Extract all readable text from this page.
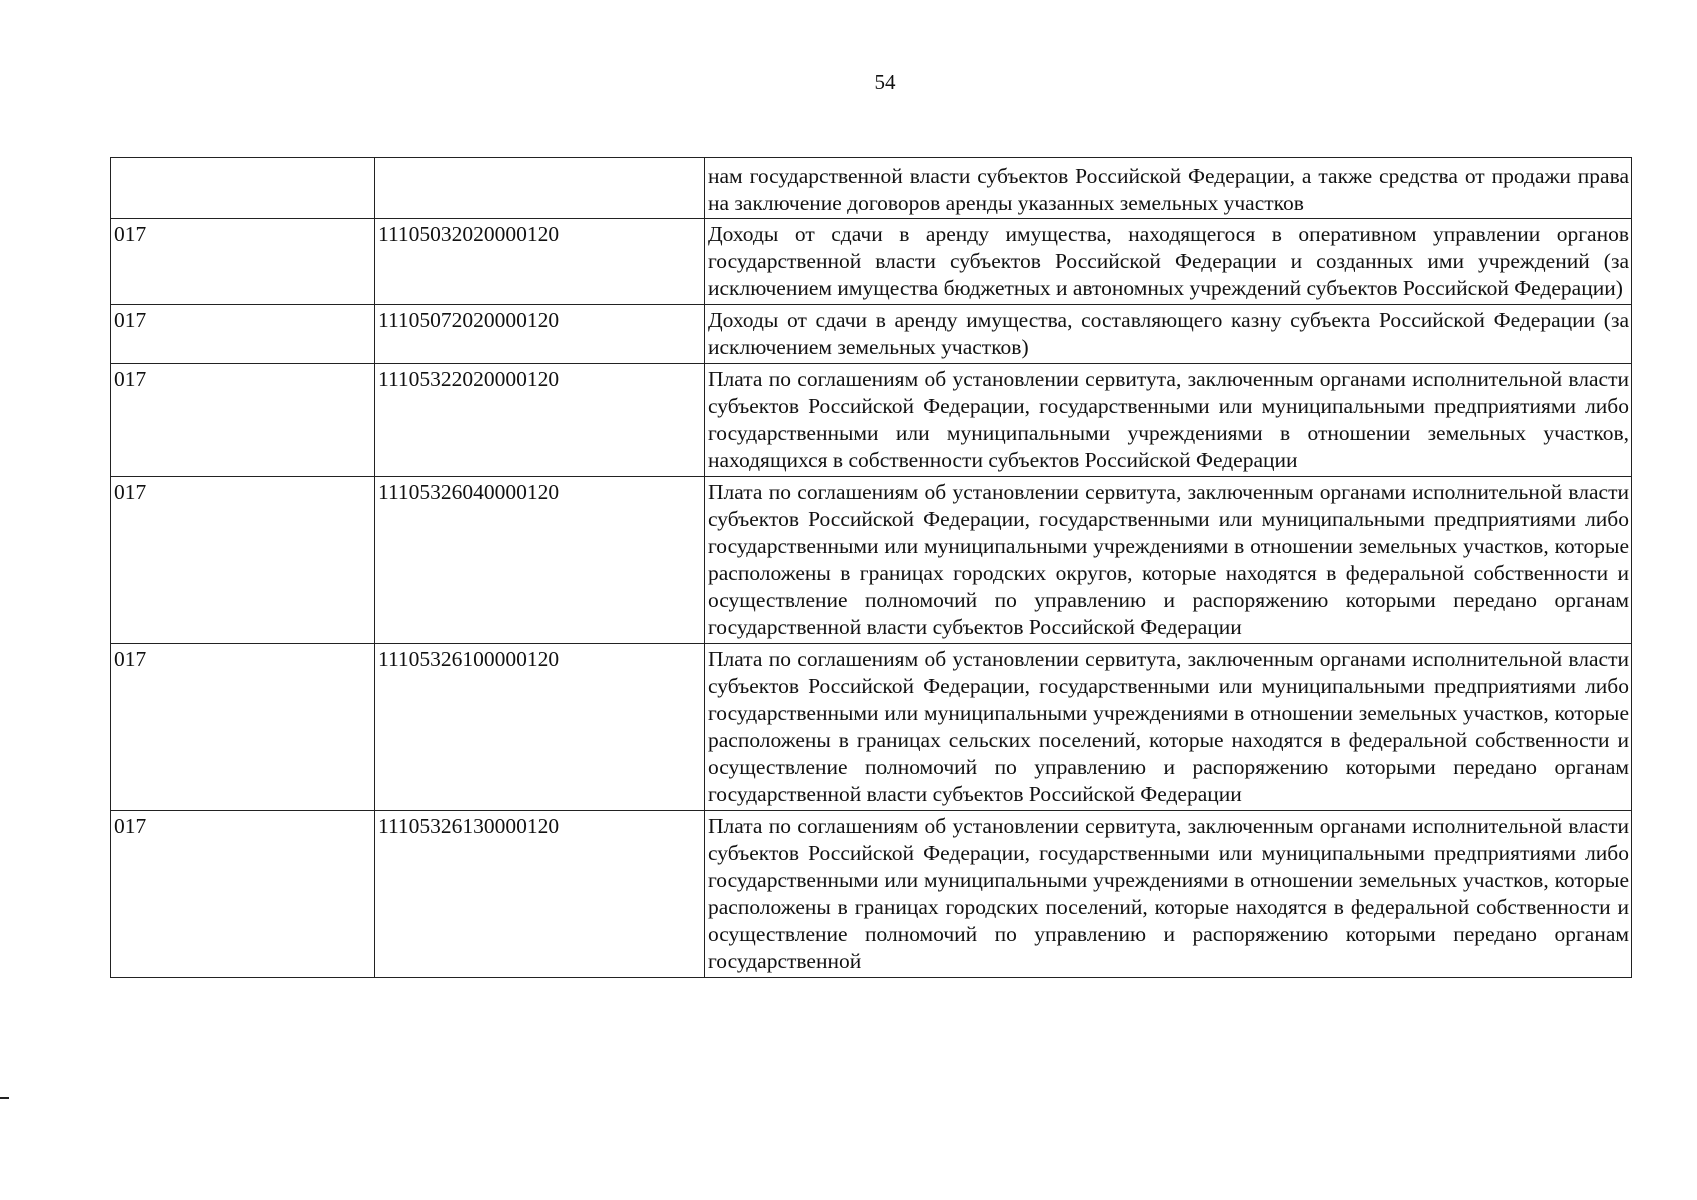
54
		нам государственной власти субъектов Российской Федерации, а также средства от продажи права на заключение договоров аренды указанных земельных участков
017	11105032020000120	Доходы от сдачи в аренду имущества, находящегося в оперативном управлении органов государственной власти субъектов Российской Федерации и созданных ими учреждений (за исключением имущества бюджетных и автономных учреждений субъектов Российской Федерации)
017	11105072020000120	Доходы от сдачи в аренду имущества, составляющего казну субъекта Российской Федерации (за исключением земельных участков)
017	11105322020000120	Плата по соглашениям об установлении сервитута, заключенным органами исполнительной власти субъектов Российской Федерации, государственными или муниципальными предприятиями либо государственными или муниципальными учреждениями в отношении земельных участков, находящихся в собственности субъектов Российской Федерации
017	11105326040000120	Плата по соглашениям об установлении сервитута, заключенным органами исполнительной власти субъектов Российской Федерации, государственными или муниципальными предприятиями либо государственными или муниципальными учреждениями в отношении земельных участков, которые расположены в границах городских округов, которые находятся в федеральной собственности и осуществление полномочий по управлению и распоряжению которыми передано органам государственной власти субъектов Российской Федерации
017	11105326100000120	Плата по соглашениям об установлении сервитута, заключенным органами исполнительной власти субъектов Российской Федерации, государственными или муниципальными предприятиями либо государственными или муниципальными учреждениями в отношении земельных участков, которые расположены в границах сельских поселений, которые находятся в федеральной собственности и осуществление полномочий по управлению и распоряжению которыми передано органам государственной власти субъектов Российской Федерации
017	11105326130000120	Плата по соглашениям об установлении сервитута, заключенным органами исполнительной власти субъектов Российской Федерации, государственными или муниципальными предприятиями либо государственными или муниципальными учреждениями в отношении земельных участков, которые расположены в границах городских поселений, которые находятся в федеральной собственности и осуществление полномочий по управлению и распоряжению которыми передано органам государственной
